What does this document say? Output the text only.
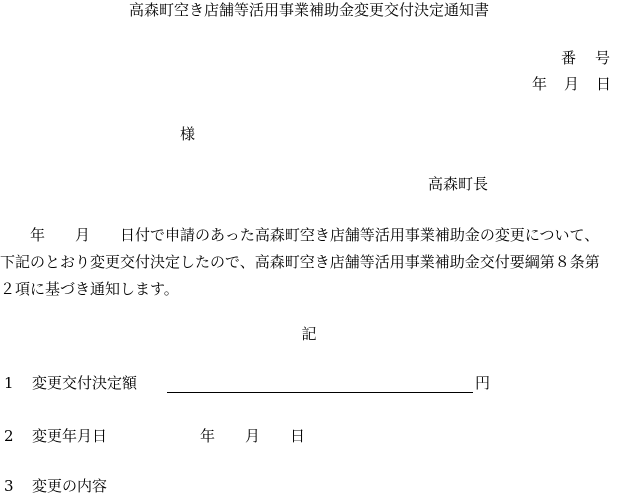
高森町空き店舗等活用事業補助金変更交付決定通知書
番　号
年　月　日
様
高森町長
　　年　　月　　日付で申請のあった高森町空き店舗等活用事業補助金の変更について、
下記のとおり変更交付決定したので、高森町空き店舗等活用事業補助金交付要綱第８条第
２項に基づき通知します。
記
1 変更交付決定額	円
2 変更年月日	年　　月　　日
3 変更の内容
